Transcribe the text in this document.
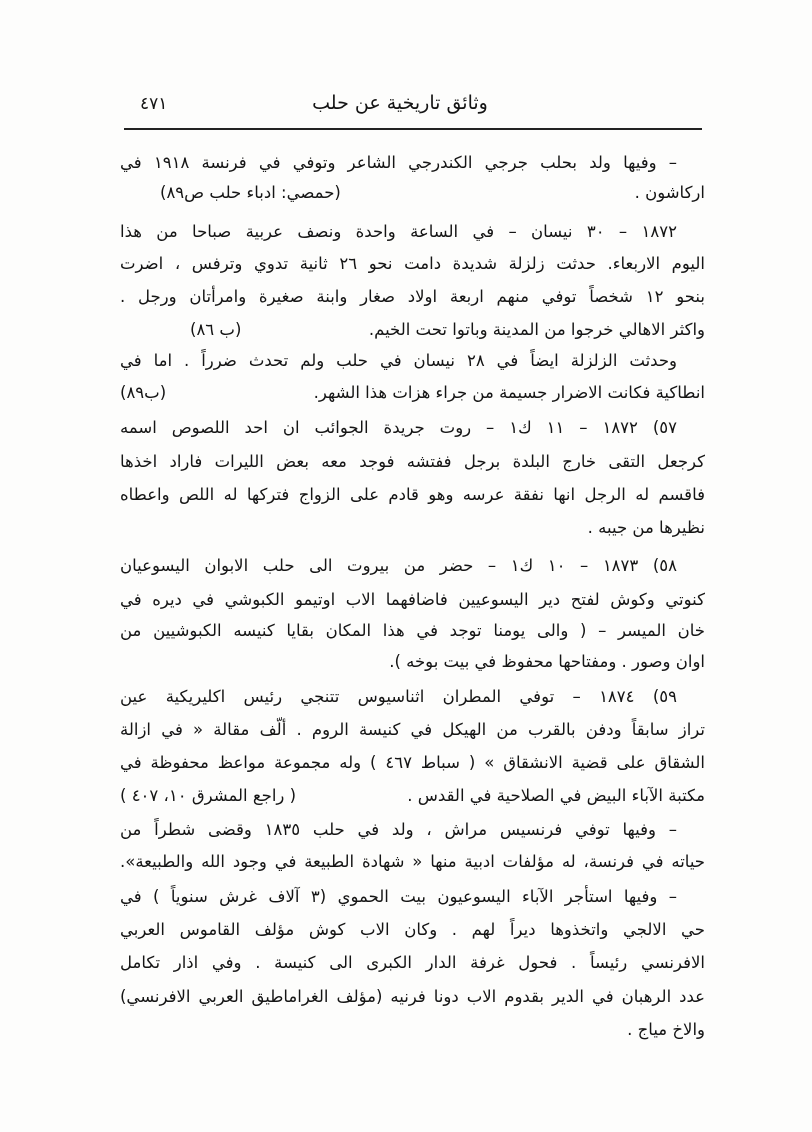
٤٧١	وثائق تاريخية عن حلب
– وفيها ولد بحلب جرجي الكندرجي الشاعر وتوفي في فرنسة ١٩١٨ في
اركاشون .
(حمصي: ادباء حلب ص٨٩)
١٨٧٢ – ٣٠ نيسان – في الساعة واحدة ونصف عربية صباحا من هذا
اليوم الاربعاء. حدثت زلزلة شديدة دامت نحو ٢٦ ثانية تدوي وترفس ، اضرت
بنحو ١٢ شخصاً توفي منهم اربعة اولاد صغار وابنة صغيرة وامرأتان ورجل .
واكثر الاهالي خرجوا من المدينة وباتوا تحت الخيم.
(ب ٨٦)
وحدثت الزلزلة ايضاً في ٢٨ نيسان في حلب ولم تحدث ضرراً . اما في
انطاكية فكانت الاضرار جسيمة من جراء هزات هذا الشهر.
(ب٨٩)
٥٧) ١٨٧٢ – ١١ ك١ – روت جريدة الجوائب ان احد اللصوص اسمه
كرجعل التقى خارج البلدة برجل ففتشه فوجد معه بعض الليرات فاراد اخذها
فاقسم له الرجل انها نفقة عرسه وهو قادم على الزواج فتركها له اللص واعطاه
نظيرها من جيبه .
٥٨) ١٨٧٣ – ١٠ ك١ – حضر من بيروت الى حلب الابوان اليسوعيان
كنوتي وكوش لفتح دير اليسوعيين فاضافهما الاب اوتيمو الكبوشي في ديره في
خان الميسر – ( والى يومنا توجد في هذا المكان بقايا كنيسه الكبوشيين من
اوان وصور . ومفتاحها محفوظ في بيت بوخه ).
٥٩) ١٨٧٤ – توفي المطران اثناسيوس تتنجي رئيس اكليريكية عين
تراز سابقاً ودفن بالقرب من الهيكل في كنيسة الروم . ألّف مقالة « في ازالة
الشقاق على قضية الانشقاق » ( سباط ٤٦٧ ) وله مجموعة مواعظ محفوظة في
مكتبة الآباء البيض في الصلاحية في القدس .
( راجع المشرق ١٠، ٤٠٧ )
– وفيها توفي فرنسيس مراش ، ولد في حلب ١٨٣٥ وقضى شطراً من
حياته في فرنسة، له مؤلفات ادبية منها « شهادة الطبيعة في وجود الله والطبيعة».
– وفيها استأجر الآباء اليسوعيون بيت الحموي (٣ آلاف غرش سنوياً ) في
حي الالجي واتخذوها ديراً لهم . وكان الاب كوش مؤلف القاموس العربي
الافرنسي رئيساً . فحول غرفة الدار الكبرى الى كنيسة . وفي اذار تكامل
عدد الرهبان في الدير بقدوم الاب دونا فرنيه (مؤلف الغراماطيق العربي الافرنسي)
والاخ مياج .
